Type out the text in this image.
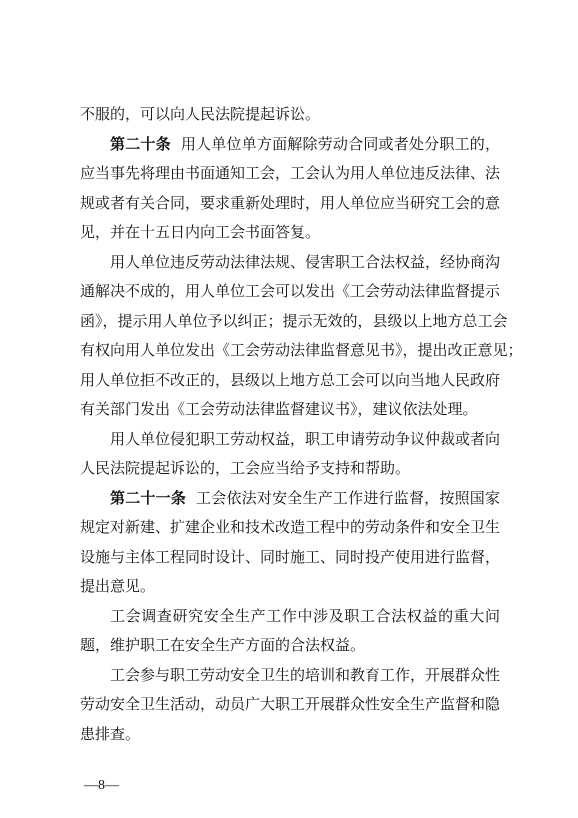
不服的，可以向人民法院提起诉讼。
第二十条 用人单位单方面解除劳动合同或者处分职工的，
应当事先将理由书面通知工会，工会认为用人单位违反法律、法
规或者有关合同，要求重新处理时，用人单位应当研究工会的意
见，并在十五日内向工会书面答复。
用人单位违反劳动法律法规、侵害职工合法权益，经协商沟
通解决不成的，用人单位工会可以发出《工会劳动法律监督提示
函》，提示用人单位予以纠正；提示无效的，县级以上地方总工会
有权向用人单位发出《工会劳动法律监督意见书》，提出改正意见；
用人单位拒不改正的，县级以上地方总工会可以向当地人民政府
有关部门发出《工会劳动法律监督建议书》，建议依法处理。
用人单位侵犯职工劳动权益，职工申请劳动争议仲裁或者向
人民法院提起诉讼的，工会应当给予支持和帮助。
第二十一条 工会依法对安全生产工作进行监督，按照国家
规定对新建、扩建企业和技术改造工程中的劳动条件和安全卫生
设施与主体工程同时设计、同时施工、同时投产使用进行监督，
提出意见。
工会调查研究安全生产工作中涉及职工合法权益的重大问
题，维护职工在安全生产方面的合法权益。
工会参与职工劳动安全卫生的培训和教育工作，开展群众性
劳动安全卫生活动，动员广大职工开展群众性安全生产监督和隐
患排查。
—8—
